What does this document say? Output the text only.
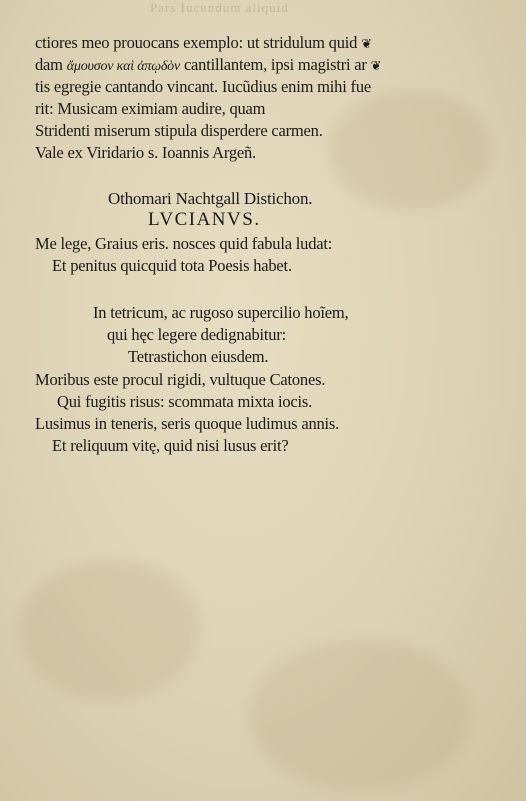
Pars Iucundum aliquid
ctiores meo prouocans exemplo: ut stridulum quid ❦
dam ἄμουσον καὶ ἀπῳδὸν cantillantem, ipsi magistri ar ❦
tis egregie cantando vincant. Iucũdius enim mihi fue
rit: Musicam eximiam audire, quam
Stridenti miserum stipula disperdere carmen.
Vale ex Viridario s. Ioannis Argeñ.
Othomari Nachtgall Distichon.
LVCIANVS.
Me lege, Graius eris. nosces quid fabula ludat:
Et penitus quicquid tota Poesis habet.
In tetricum, ac rugoso supercilio hoĩem,
qui hęc legere dedignabitur:
Tetrastichon eiusdem.
Moribus este procul rigidi, vultuque Catones.
Qui fugitis risus: scommata mixta iocis.
Lusimus in teneris, seris quoque ludimus annis.
Et reliquum vitę, quid nisi lusus erit?
